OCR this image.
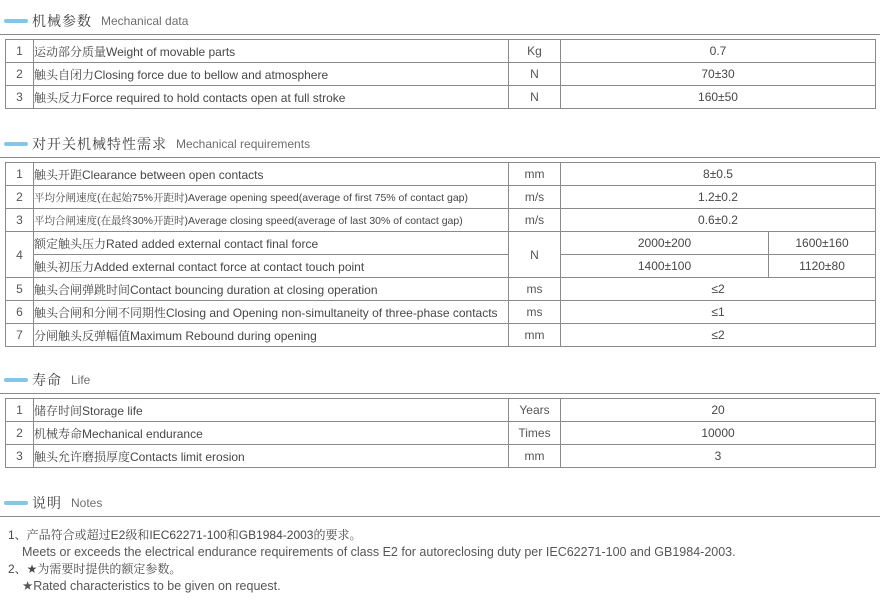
机械参数 Mechanical data
1	运动部分质量Weight of movable parts	Kg	0.7
2	触头自闭力Closing force due to bellow and atmosphere	N	70±30
3	触头反力Force required to hold contacts open at full stroke	N	160±50
对开关机械特性需求 Mechanical requirements
1	触头开距Clearance between open contacts	mm	8±0.5	
2	平均分闸速度(在起始75%开距时)Average opening speed(average of first 75% of contact gap)	m/s	1.2±0.2	
3	平均合闸速度(在最终30%开距时)Average closing speed(average of last 30% of contact gap)	m/s	0.6±0.2	
4	额定触头压力Rated added external contact final force	N	2000±200	1600±160
	触头初压力Added external contact force at contact touch point		1400±100	1120±80
5	触头合闸弹跳时间Contact bouncing duration at closing operation	ms	≤2	
6	触头合闸和分闸不同期性Closing and Opening non-simultaneity of three-phase contacts	ms	≤1	
7	分闸触头反弹幅值Maximum Rebound during opening	mm	≤2	
寿命 Life
1	储存时间Storage life	Years	20
2	机械寿命Mechanical endurance	Times	10000
3	触头允许磨损厚度Contacts limit erosion	mm	3
说明 Notes
1、产品符合或超过E2级和IEC62271-100和GB1984-2003的要求。
Meets or exceeds the electrical endurance requirements of class E2 for autoreclosing duty per IEC62271-100 and GB1984-2003.
2、★为需要时提供的额定参数。
★Rated characteristics to be given on request.
